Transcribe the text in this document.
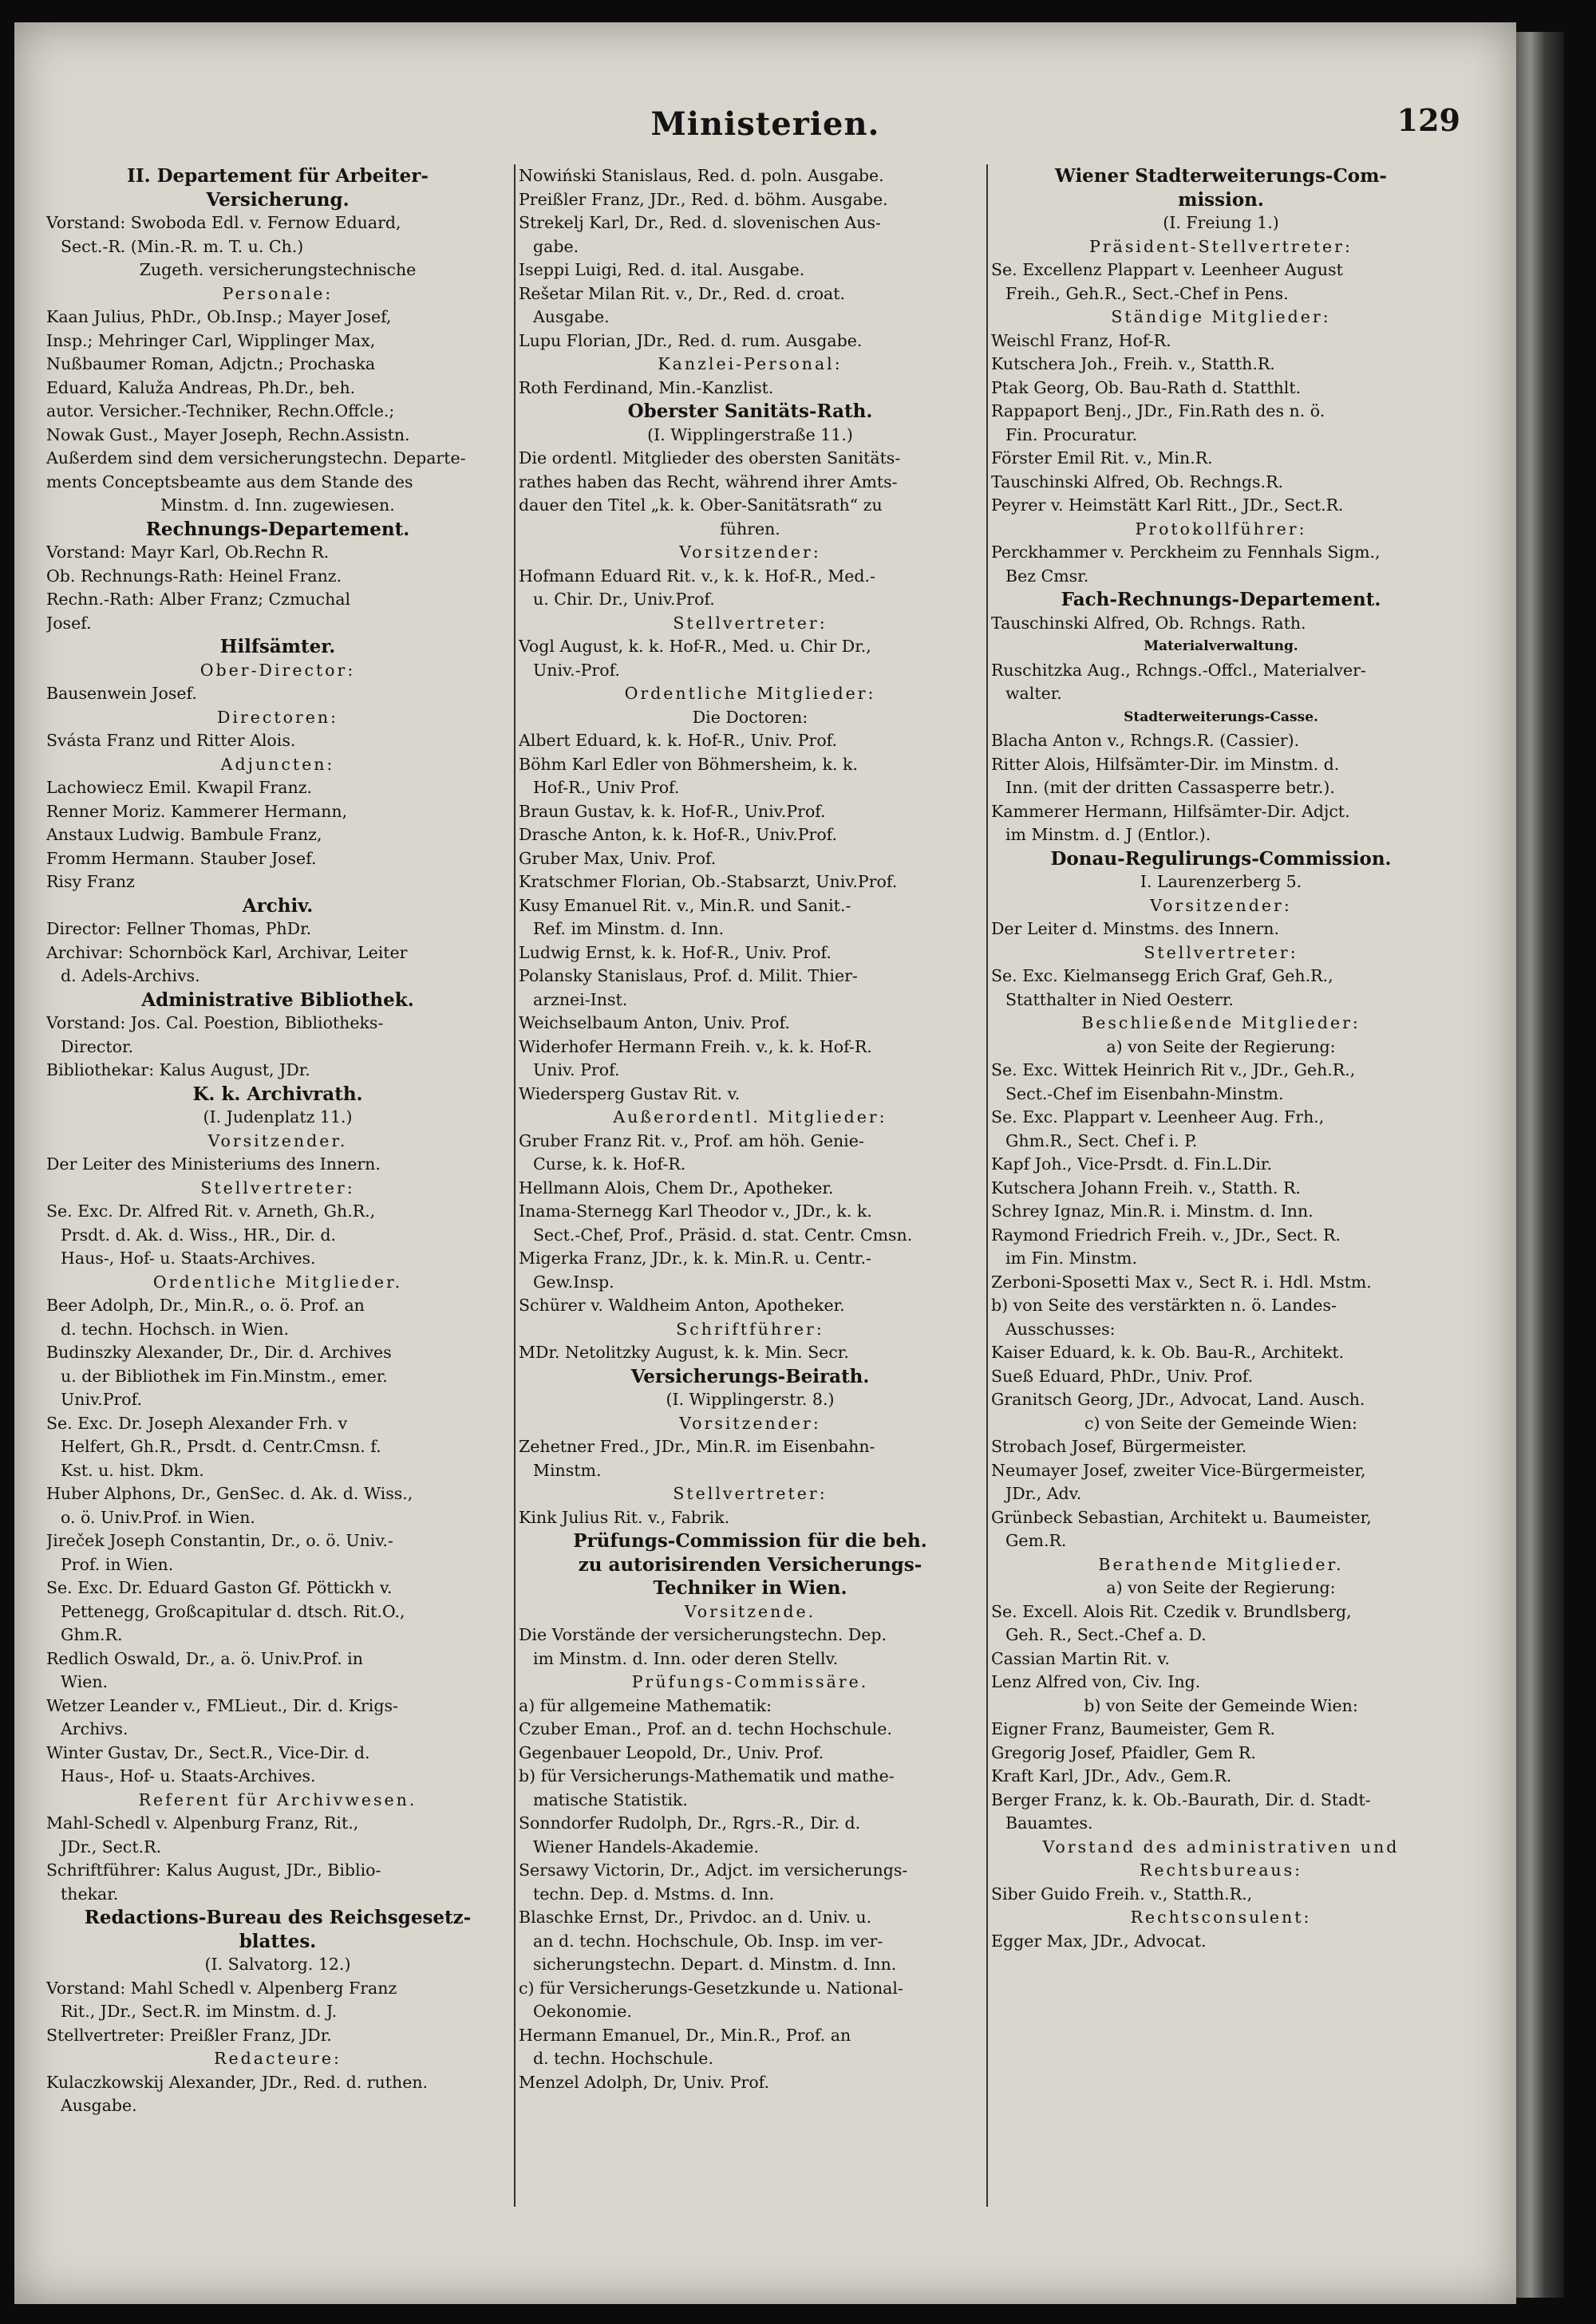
Ministerien.	129
II. Departement für Arbeiter-
Versicherung.
Vorstand: Swoboda Edl. v. Fernow Eduard,
Sect.-R. (Min.-R. m. T. u. Ch.)
Zugeth. versicherungstechnische
Personale:
Kaan Julius, PhDr., Ob.Insp.; Mayer Josef,
Insp.; Mehringer Carl, Wipplinger Max,
Nußbaumer Roman, Adjctn.; Prochaska
Eduard, Kaluža Andreas, Ph.Dr., beh.
autor. Versicher.-Techniker, Rechn.Offcle.;
Nowak Gust., Mayer Joseph, Rechn.Assistn.
Außerdem sind dem versicherungstechn. Departe-
ments Conceptsbeamte aus dem Stande des
Minstm. d. Inn. zugewiesen.
Rechnungs-Departement.
Vorstand: Mayr Karl, Ob.Rechn R.
Ob. Rechnungs-Rath: Heinel Franz.
Rechn.-Rath: Alber Franz; Czmuchal
Josef.
Hilfsämter.
Ober-Director:
Bausenwein Josef.
Directoren:
Svásta Franz und Ritter Alois.
Adjuncten:
Lachowiecz Emil. Kwapil Franz.
Renner Moriz. Kammerer Hermann,
Anstaux Ludwig. Bambule Franz,
Fromm Hermann. Stauber Josef.
Risy Franz
Archiv.
Director: Fellner Thomas, PhDr.
Archivar: Schornböck Karl, Archivar, Leiter
d. Adels-Archivs.
Administrative Bibliothek.
Vorstand: Jos. Cal. Poestion, Bibliotheks-
Director.
Bibliothekar: Kalus August, JDr.
K. k. Archivrath.
(I. Judenplatz 11.)
Vorsitzender.
Der Leiter des Ministeriums des Innern.
Stellvertreter:
Se. Exc. Dr. Alfred Rit. v. Arneth, Gh.R.,
Prsdt. d. Ak. d. Wiss., HR., Dir. d.
Haus-, Hof- u. Staats-Archives.
Ordentliche Mitglieder.
Beer Adolph, Dr., Min.R., o. ö. Prof. an
d. techn. Hochsch. in Wien.
Budinszky Alexander, Dr., Dir. d. Archives
u. der Bibliothek im Fin.Minstm., emer.
Univ.Prof.
Se. Exc. Dr. Joseph Alexander Frh. v
Helfert, Gh.R., Prsdt. d. Centr.Cmsn. f.
Kst. u. hist. Dkm.
Huber Alphons, Dr., GenSec. d. Ak. d. Wiss.,
o. ö. Univ.Prof. in Wien.
Jireček Joseph Constantin, Dr., o. ö. Univ.-
Prof. in Wien.
Se. Exc. Dr. Eduard Gaston Gf. Pöttickh v.
Pettenegg, Großcapitular d. dtsch. Rit.O.,
Ghm.R.
Redlich Oswald, Dr., a. ö. Univ.Prof. in
Wien.
Wetzer Leander v., FMLieut., Dir. d. Krigs-
Archivs.
Winter Gustav, Dr., Sect.R., Vice-Dir. d.
Haus-, Hof- u. Staats-Archives.
Referent für Archivwesen.
Mahl-Schedl v. Alpenburg Franz, Rit.,
JDr., Sect.R.
Schriftführer: Kalus August, JDr., Biblio-
thekar.
Redactions-Bureau des Reichsgesetz-
blattes.
(I. Salvatorg. 12.)
Vorstand: Mahl Schedl v. Alpenberg Franz
Rit., JDr., Sect.R. im Minstm. d. J.
Stellvertreter: Preißler Franz, JDr.
Redacteure:
Kulaczkowskij Alexander, JDr., Red. d. ruthen.
Ausgabe.
Nowiński Stanislaus, Red. d. poln. Ausgabe.
Preißler Franz, JDr., Red. d. böhm. Ausgabe.
Strekelj Karl, Dr., Red. d. slovenischen Aus-
gabe.
Iseppi Luigi, Red. d. ital. Ausgabe.
Rešetar Milan Rit. v., Dr., Red. d. croat.
Ausgabe.
Lupu Florian, JDr., Red. d. rum. Ausgabe.
Kanzlei-Personal:
Roth Ferdinand, Min.-Kanzlist.
Oberster Sanitäts-Rath.
(I. Wipplingerstraße 11.)
Die ordentl. Mitglieder des obersten Sanitäts-
rathes haben das Recht, während ihrer Amts-
dauer den Titel „k. k. Ober-Sanitätsrath“ zu
führen.
Vorsitzender:
Hofmann Eduard Rit. v., k. k. Hof-R., Med.-
u. Chir. Dr., Univ.Prof.
Stellvertreter:
Vogl August, k. k. Hof-R., Med. u. Chir Dr.,
Univ.-Prof.
Ordentliche Mitglieder:
Die Doctoren:
Albert Eduard, k. k. Hof-R., Univ. Prof.
Böhm Karl Edler von Böhmersheim, k. k.
Hof-R., Univ Prof.
Braun Gustav, k. k. Hof-R., Univ.Prof.
Drasche Anton, k. k. Hof-R., Univ.Prof.
Gruber Max, Univ. Prof.
Kratschmer Florian, Ob.-Stabsarzt, Univ.Prof.
Kusy Emanuel Rit. v., Min.R. und Sanit.-
Ref. im Minstm. d. Inn.
Ludwig Ernst, k. k. Hof-R., Univ. Prof.
Polansky Stanislaus, Prof. d. Milit. Thier-
arznei-Inst.
Weichselbaum Anton, Univ. Prof.
Widerhofer Hermann Freih. v., k. k. Hof-R.
Univ. Prof.
Wiedersperg Gustav Rit. v.
Außerordentl. Mitglieder:
Gruber Franz Rit. v., Prof. am höh. Genie-
Curse, k. k. Hof-R.
Hellmann Alois, Chem Dr., Apotheker.
Inama-Sternegg Karl Theodor v., JDr., k. k.
Sect.-Chef, Prof., Präsid. d. stat. Centr. Cmsn.
Migerka Franz, JDr., k. k. Min.R. u. Centr.-
Gew.Insp.
Schürer v. Waldheim Anton, Apotheker.
Schriftführer:
MDr. Netolitzky August, k. k. Min. Secr.
Versicherungs-Beirath.
(I. Wipplingerstr. 8.)
Vorsitzender:
Zehetner Fred., JDr., Min.R. im Eisenbahn-
Minstm.
Stellvertreter:
Kink Julius Rit. v., Fabrik.
Prüfungs-Commission für die beh.
zu autorisirenden Versicherungs-
Techniker in Wien.
Vorsitzende.
Die Vorstände der versicherungstechn. Dep.
im Minstm. d. Inn. oder deren Stellv.
Prüfungs-Commissäre.
a) für allgemeine Mathematik:
Czuber Eman., Prof. an d. techn Hochschule.
Gegenbauer Leopold, Dr., Univ. Prof.
b) für Versicherungs-Mathematik und mathe-
matische Statistik.
Sonndorfer Rudolph, Dr., Rgrs.-R., Dir. d.
Wiener Handels-Akademie.
Sersawy Victorin, Dr., Adjct. im versicherungs-
techn. Dep. d. Mstms. d. Inn.
Blaschke Ernst, Dr., Privdoc. an d. Univ. u.
an d. techn. Hochschule, Ob. Insp. im ver-
sicherungstechn. Depart. d. Minstm. d. Inn.
c) für Versicherungs-Gesetzkunde u. National-
Oekonomie.
Hermann Emanuel, Dr., Min.R., Prof. an
d. techn. Hochschule.
Menzel Adolph, Dr, Univ. Prof.
Wiener Stadterweiterungs-Com-
mission.
(I. Freiung 1.)
Präsident-Stellvertreter:
Se. Excellenz Plappart v. Leenheer August
Freih., Geh.R., Sect.-Chef in Pens.
Ständige Mitglieder:
Weischl Franz, Hof-R.
Kutschera Joh., Freih. v., Statth.R.
Ptak Georg, Ob. Bau-Rath d. Statthlt.
Rappaport Benj., JDr., Fin.Rath des n. ö.
Fin. Procuratur.
Förster Emil Rit. v., Min.R.
Tauschinski Alfred, Ob. Rechngs.R.
Peyrer v. Heimstätt Karl Ritt., JDr., Sect.R.
Protokollführer:
Perckhammer v. Perckheim zu Fennhals Sigm.,
Bez Cmsr.
Fach-Rechnungs-Departement.
Tauschinski Alfred, Ob. Rchngs. Rath.
Materialverwaltung.
Ruschitzka Aug., Rchngs.-Offcl., Materialver-
walter.
Stadterweiterungs-Casse.
Blacha Anton v., Rchngs.R. (Cassier).
Ritter Alois, Hilfsämter-Dir. im Minstm. d.
Inn. (mit der dritten Cassasperre betr.).
Kammerer Hermann, Hilfsämter-Dir. Adjct.
im Minstm. d. J (Entlor.).
Donau-Regulirungs-Commission.
I. Laurenzerberg 5.
Vorsitzender:
Der Leiter d. Minstms. des Innern.
Stellvertreter:
Se. Exc. Kielmansegg Erich Graf, Geh.R.,
Statthalter in Nied Oesterr.
Beschließende Mitglieder:
a) von Seite der Regierung:
Se. Exc. Wittek Heinrich Rit v., JDr., Geh.R.,
Sect.-Chef im Eisenbahn-Minstm.
Se. Exc. Plappart v. Leenheer Aug. Frh.,
Ghm.R., Sect. Chef i. P.
Kapf Joh., Vice-Prsdt. d. Fin.L.Dir.
Kutschera Johann Freih. v., Statth. R.
Schrey Ignaz, Min.R. i. Minstm. d. Inn.
Raymond Friedrich Freih. v., JDr., Sect. R.
im Fin. Minstm.
Zerboni-Sposetti Max v., Sect R. i. Hdl. Mstm.
b) von Seite des verstärkten n. ö. Landes-
Ausschusses:
Kaiser Eduard, k. k. Ob. Bau-R., Architekt.
Sueß Eduard, PhDr., Univ. Prof.
Granitsch Georg, JDr., Advocat, Land. Ausch.
c) von Seite der Gemeinde Wien:
Strobach Josef, Bürgermeister.
Neumayer Josef, zweiter Vice-Bürgermeister,
JDr., Adv.
Grünbeck Sebastian, Architekt u. Baumeister,
Gem.R.
Berathende Mitglieder.
a) von Seite der Regierung:
Se. Excell. Alois Rit. Czedik v. Brundlsberg,
Geh. R., Sect.-Chef a. D.
Cassian Martin Rit. v.
Lenz Alfred von, Civ. Ing.
b) von Seite der Gemeinde Wien:
Eigner Franz, Baumeister, Gem R.
Gregorig Josef, Pfaidler, Gem R.
Kraft Karl, JDr., Adv., Gem.R.
Berger Franz, k. k. Ob.-Baurath, Dir. d. Stadt-
Bauamtes.
Vorstand des administrativen und
Rechtsbureaus:
Siber Guido Freih. v., Statth.R.,
Rechtsconsulent:
Egger Max, JDr., Advocat.
